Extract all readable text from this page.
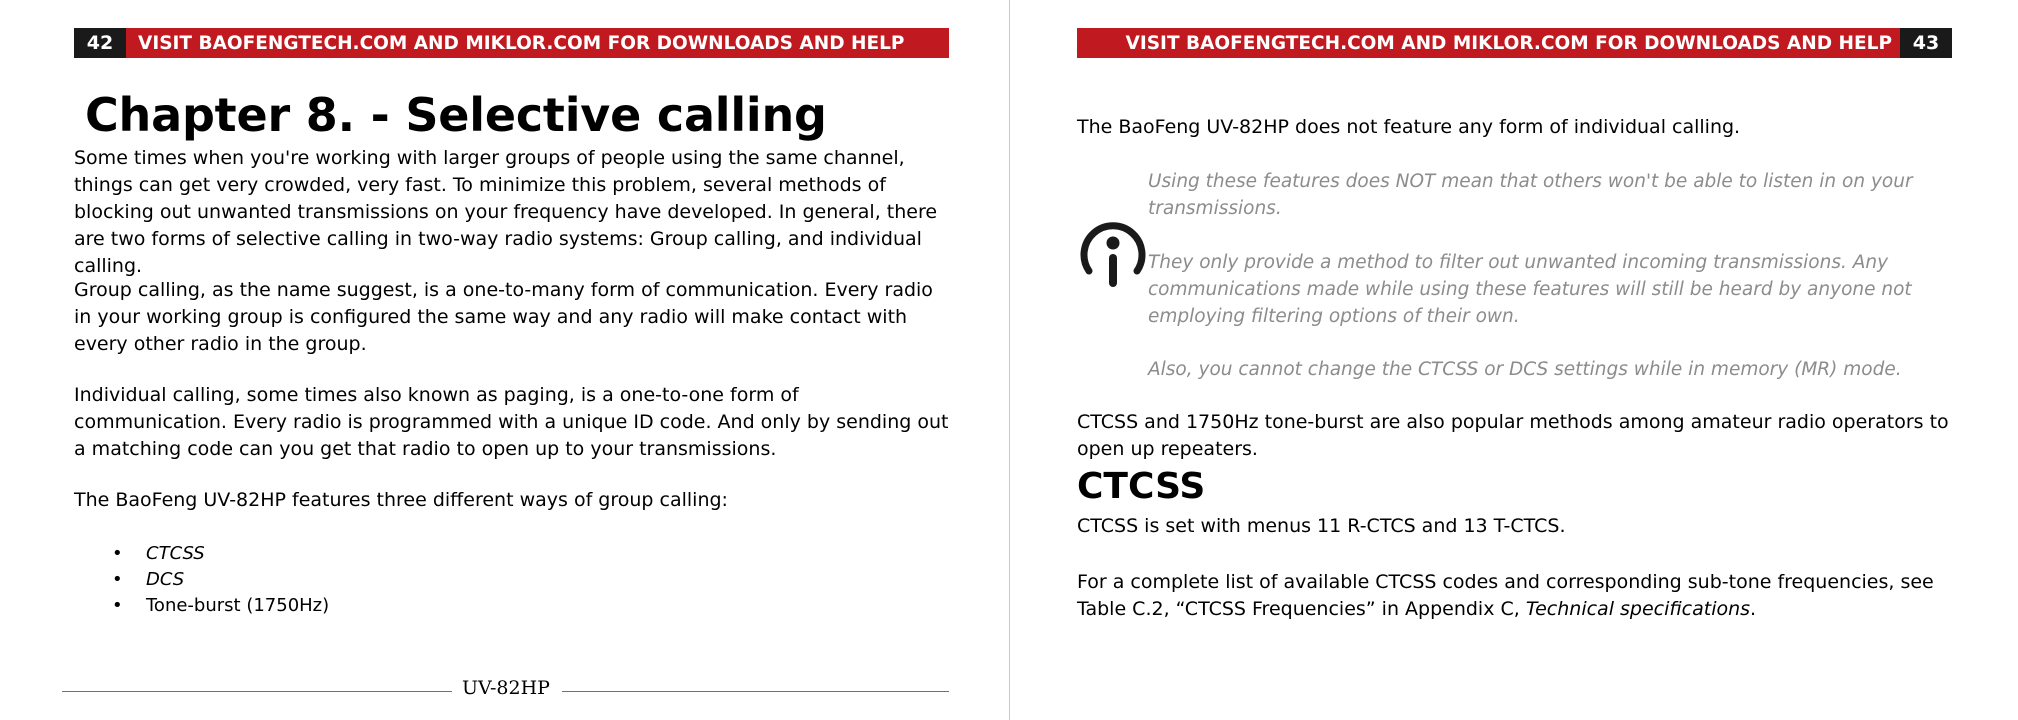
42	VISIT BAOFENGTECH.COM AND MIKLOR.COM FOR DOWNLOADS AND HELP
Chapter 8. - Selective calling

Some times when you're working with larger groups of people using the same channel, things can get very crowded, very fast. To minimize this problem, several methods of blocking out unwanted transmissions on your frequency have developed. In general, there are two forms of selective calling in two-way radio systems: Group calling, and individual calling.

Group calling, as the name suggest, is a one-to-many form of communication. Every radio in your working group is configured the same way and any radio will make contact with every other radio in the group.

Individual calling, some times also known as paging, is a one-to-one form of communication. Every radio is programmed with a unique ID code. And only by sending out a matching code can you get that radio to open up to your transmissions.

The BaoFeng UV-82HP features three different ways of group calling:

• CTCSS
• DCS
• Tone-burst (1750Hz)
UV-82HP
VISIT BAOFENGTECH.COM AND MIKLOR.COM FOR DOWNLOADS AND HELP	43

The BaoFeng UV-82HP does not feature any form of individual calling.

Using these features does NOT mean that others won't be able to listen in on your transmissions.
They only provide a method to filter out unwanted incoming transmissions. Any communications made while using these features will still be heard by anyone not employing filtering options of their own.
Also, you cannot change the CTCSS or DCS settings while in memory (MR) mode.

CTCSS and 1750Hz tone-burst are also popular methods among amateur radio operators to open up repeaters.

CTCSS

CTCSS is set with menus 11 R-CTCS and 13 T-CTCS.

For a complete list of available CTCSS codes and corresponding sub-tone frequencies, see Table C.2, “CTCSS Frequencies” in Appendix C, Technical specifications.
